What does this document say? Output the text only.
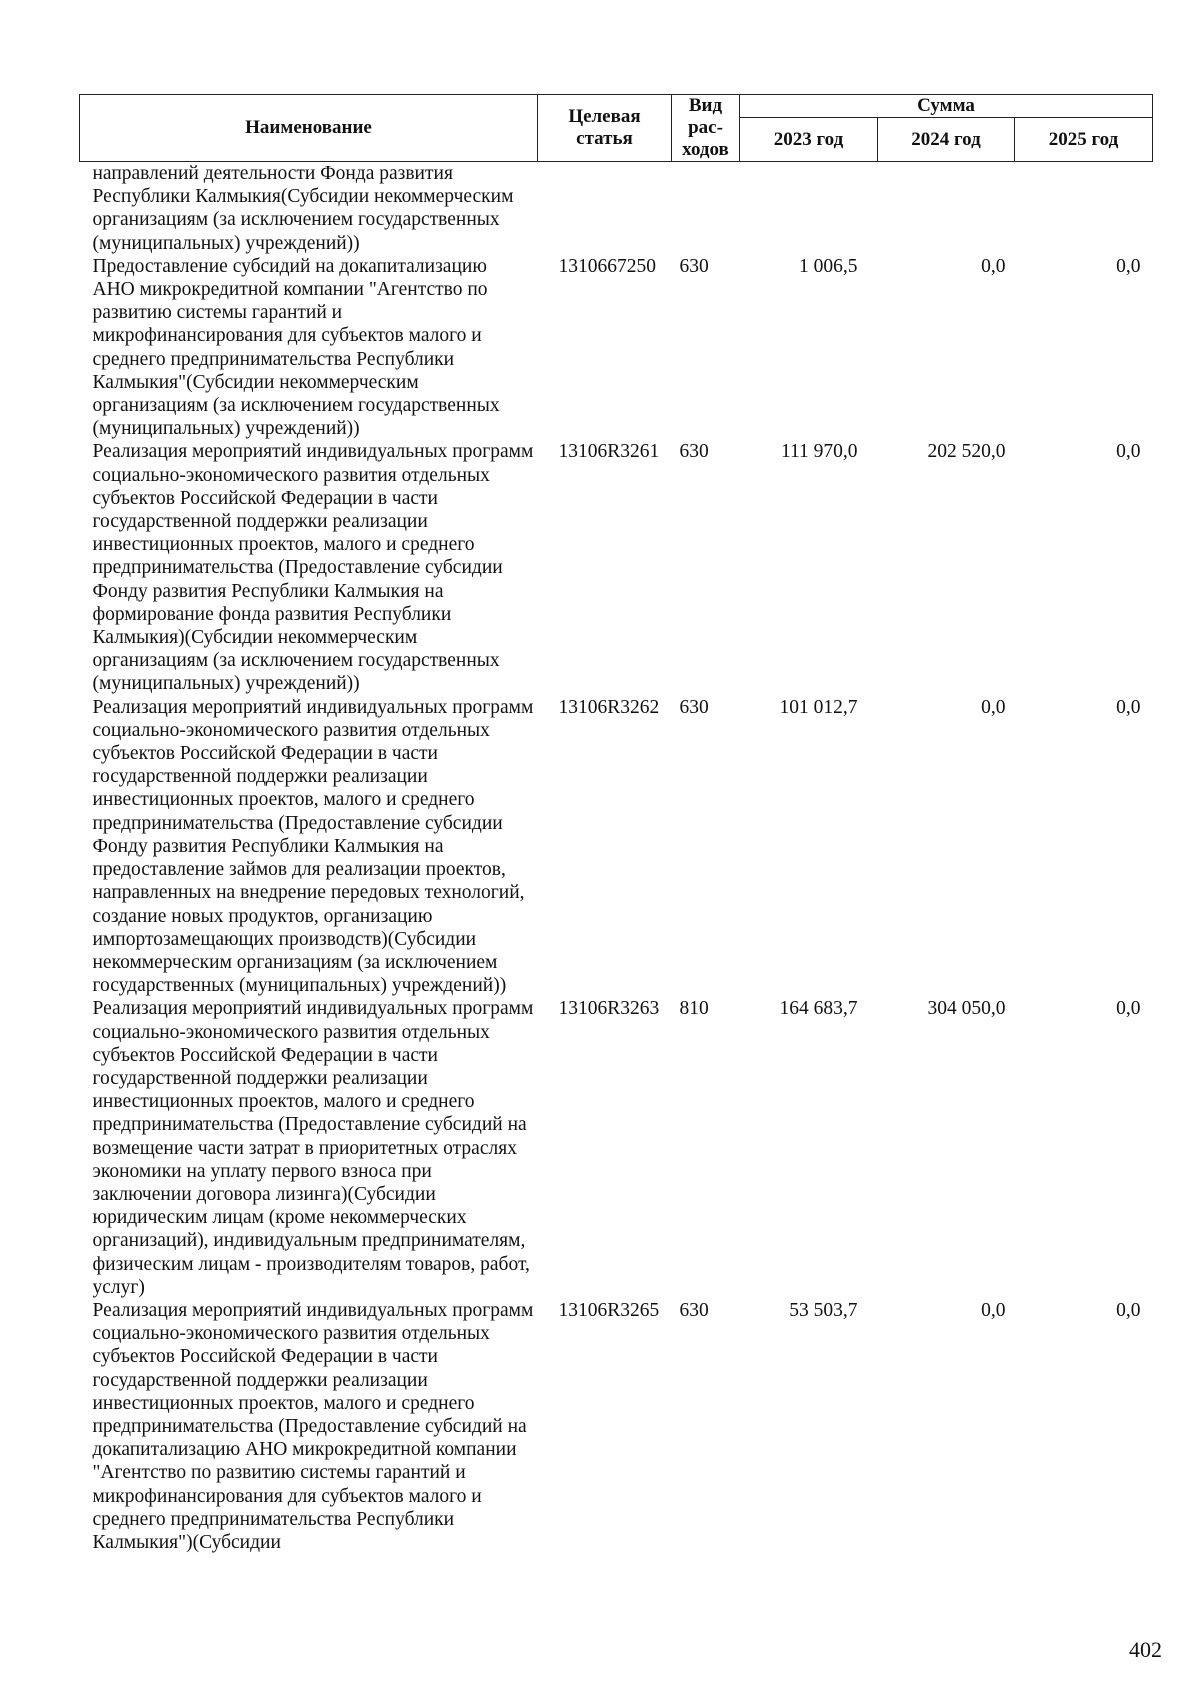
Наименование	Целевая статья	Вид рас-ходов	Сумма		
			2023 год	2024 год	2025 год
направлений деятельности Фонда развития Республики Калмыкия(Субсидии некоммерческим организациям (за исключением государственных (муниципальных) учреждений))					
Предоставление субсидий на докапитализацию АНО микрокредитной компании "Агентство по развитию системы гарантий и микрофинансирования для субъектов малого и среднего предпринимательства Республики Калмыкия"(Субсидии некоммерческим организациям (за исключением государственных (муниципальных) учреждений))	1310667250	630	1 006,5	0,0	0,0
Реализация мероприятий индивидуальных программ социально-экономического развития отдельных субъектов Российской Федерации в части государственной поддержки реализации инвестиционных проектов, малого и среднего предпринимательства (Предоставление субсидии Фонду развития Республики Калмыкия на формирование фонда развития Республики Калмыкия)(Субсидии некоммерческим организациям (за исключением государственных (муниципальных) учреждений))	13106R3261	630	111 970,0	202 520,0	0,0
Реализация мероприятий индивидуальных программ социально-экономического развития отдельных субъектов Российской Федерации в части государственной поддержки реализации инвестиционных проектов, малого и среднего предпринимательства (Предоставление субсидии Фонду развития Республики Калмыкия на предоставление займов для реализации проектов, направленных на внедрение передовых технологий, создание новых продуктов, организацию импортозамещающих производств)(Субсидии некоммерческим организациям (за исключением государственных (муниципальных) учреждений))	13106R3262	630	101 012,7	0,0	0,0
Реализация мероприятий индивидуальных программ социально-экономического развития отдельных субъектов Российской Федерации в части государственной поддержки реализации инвестиционных проектов, малого и среднего предпринимательства (Предоставление субсидий на возмещение части затрат в приоритетных отраслях экономики на уплату первого взноса при заключении договора лизинга)(Субсидии юридическим лицам (кроме некоммерческих организаций), индивидуальным предпринимателям, физическим лицам - производителям товаров, работ, услуг)	13106R3263	810	164 683,7	304 050,0	0,0
Реализация мероприятий индивидуальных программ социально-экономического развития отдельных субъектов Российской Федерации в части государственной поддержки реализации инвестиционных проектов, малого и среднего предпринимательства (Предоставление субсидий на докапитализацию АНО микрокредитной компании "Агентство по развитию системы гарантий и микрофинансирования для субъектов малого и среднего предпринимательства Республики Калмыкия")(Субсидии	13106R3265	630	53 503,7	0,0	0,0
402
